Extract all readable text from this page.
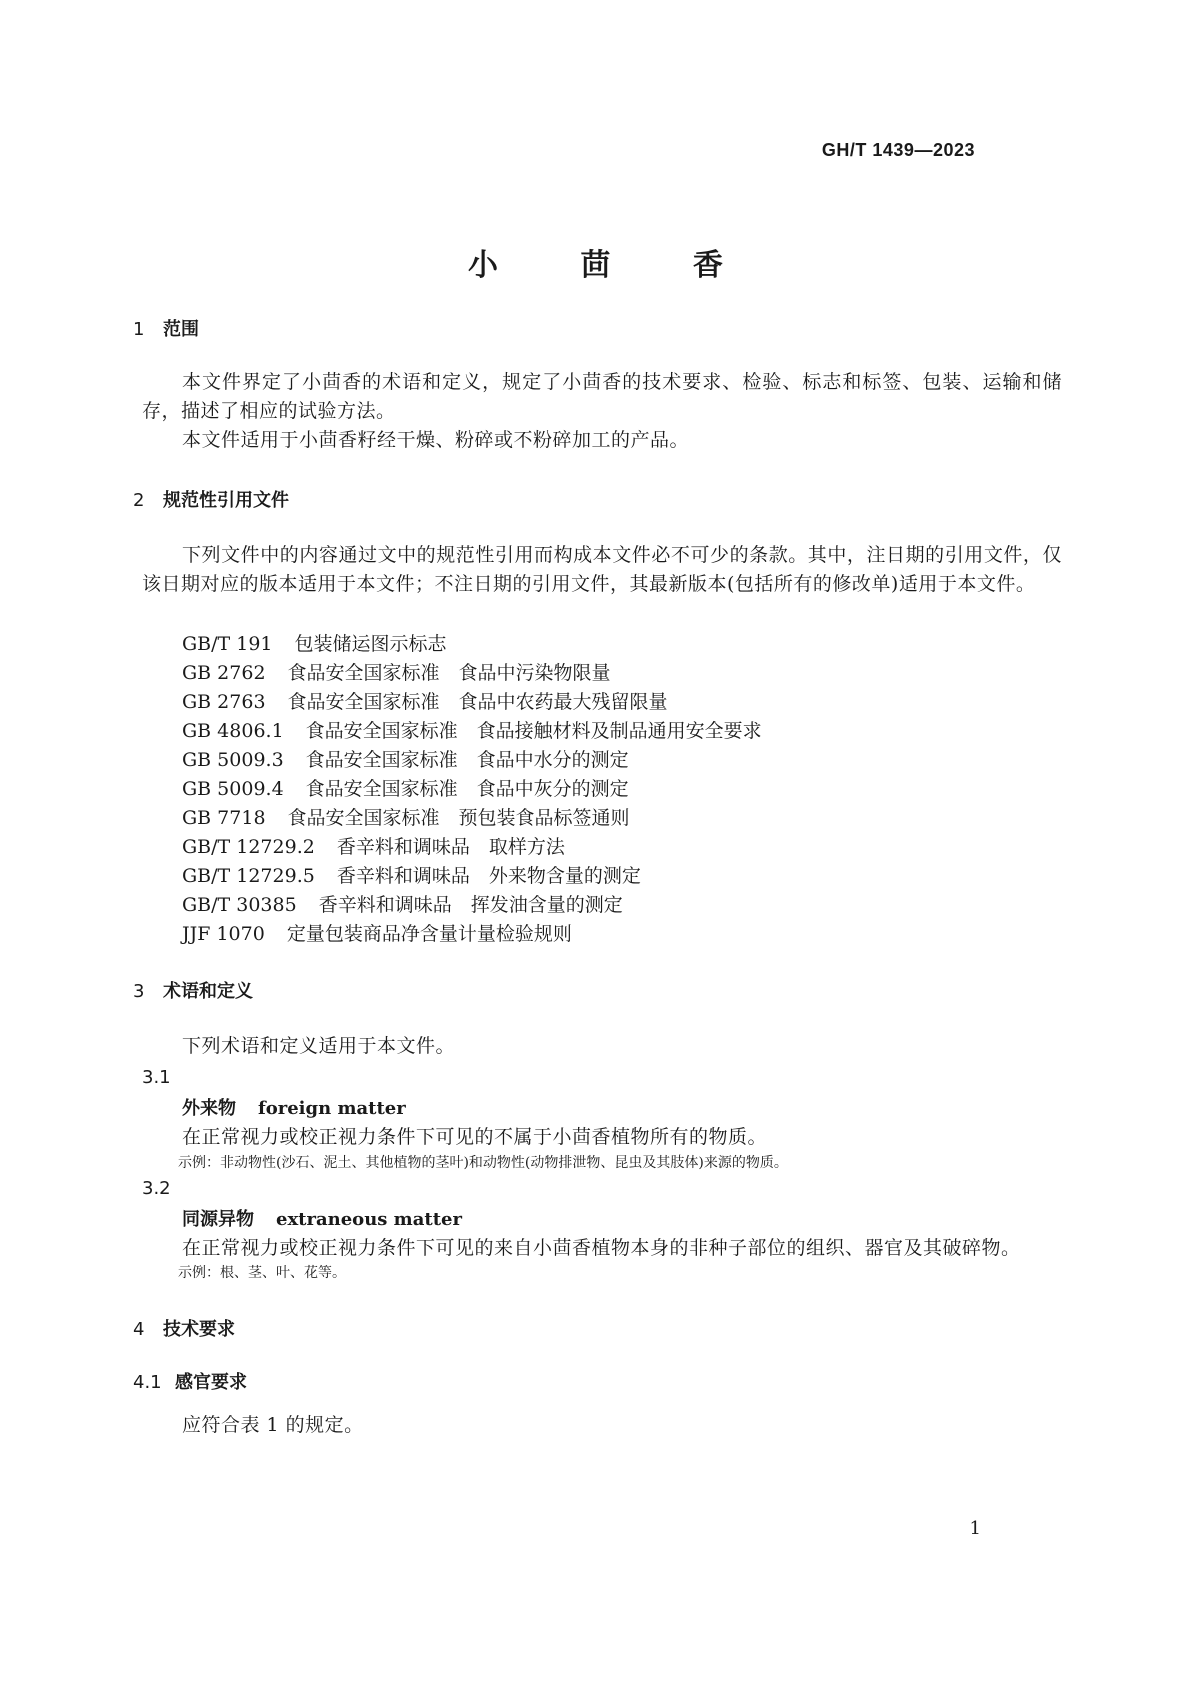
GH/T 1439—2023
小 茴 香
1 范围
本文件界定了小茴香的术语和定义，规定了小茴香的技术要求、检验、标志和标签、包装、运输和储存，描述了相应的试验方法。
本文件适用于小茴香籽经干燥、粉碎或不粉碎加工的产品。
2 规范性引用文件
下列文件中的内容通过文中的规范性引用而构成本文件必不可少的条款。其中，注日期的引用文件，仅该日期对应的版本适用于本文件；不注日期的引用文件，其最新版本(包括所有的修改单)适用于本文件。
GB/T 191 包装储运图示标志
GB 2762 食品安全国家标准　食品中污染物限量
GB 2763 食品安全国家标准　食品中农药最大残留限量
GB 4806.1 食品安全国家标准　食品接触材料及制品通用安全要求
GB 5009.3 食品安全国家标准　食品中水分的测定
GB 5009.4 食品安全国家标准　食品中灰分的测定
GB 7718 食品安全国家标准　预包装食品标签通则
GB/T 12729.2 香辛料和调味品　取样方法
GB/T 12729.5 香辛料和调味品　外来物含量的测定
GB/T 30385 香辛料和调味品　挥发油含量的测定
JJF 1070 定量包装商品净含量计量检验规则
3 术语和定义
下列术语和定义适用于本文件。
3.1
外来物 foreign matter
在正常视力或校正视力条件下可见的不属于小茴香植物所有的物质。
示例：非动物性(沙石、泥土、其他植物的茎叶)和动物性(动物排泄物、昆虫及其肢体)来源的物质。
3.2
同源异物 extraneous matter
在正常视力或校正视力条件下可见的来自小茴香植物本身的非种子部位的组织、器官及其破碎物。
示例：根、茎、叶、花等。
4 技术要求
4.1 感官要求
应符合表 1 的规定。
1
